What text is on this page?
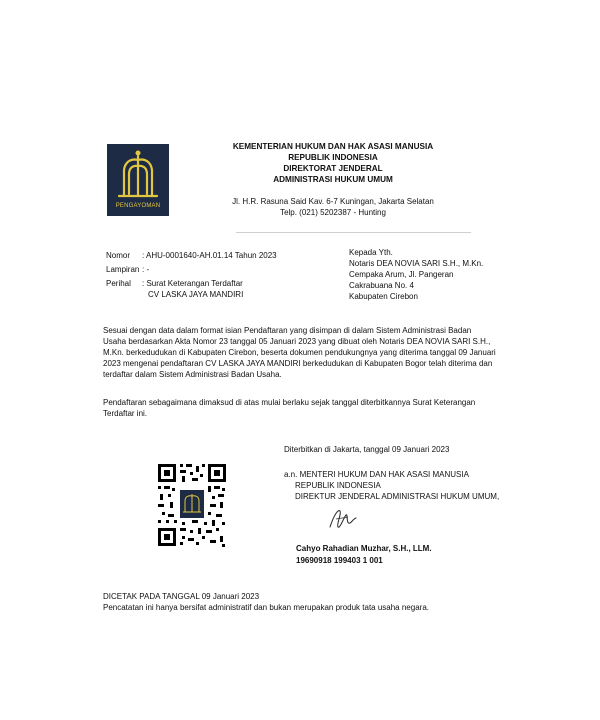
PENGAYOMAN
KEMENTERIAN HUKUM DAN HAK ASASI MANUSIA
REPUBLIK INDONESIA
DIREKTORAT JENDERAL
ADMINISTRASI HUKUM UMUM
Jl. H.R. Rasuna Said Kav. 6-7 Kuningan, Jakarta Selatan
Telp. (021) 5202387 - Hunting
Nomor : AHU-0001640-AH.01.14 Tahun 2023
Lampiran : -
Perihal : Surat Keterangan Terdaftar
CV LASKA JAYA MANDIRI
Kepada Yth.
Notaris DEA NOVIA SARI S.H., M.Kn.
Cempaka Arum, Jl. Pangeran
Cakrabuana No. 4
Kabupaten Cirebon
Sesuai dengan data dalam format isian Pendaftaran yang disimpan di dalam Sistem Administrasi Badan
Usaha berdasarkan Akta Nomor 23 tanggal 05 Januari 2023 yang dibuat oleh Notaris DEA NOVIA SARI S.H.,
M.Kn. berkedudukan di Kabupaten Cirebon, beserta dokumen pendukungnya yang diterima tanggal 09 Januari
2023 mengenai pendaftaran CV LASKA JAYA MANDIRI berkedudukan di Kabupaten Bogor telah diterima dan
terdaftar dalam Sistem Administrasi Badan Usaha.
Pendaftaran sebagaimana dimaksud di atas mulai berlaku sejak tanggal diterbitkannya Surat Keterangan
Terdaftar ini.
Diterbitkan di Jakarta, tanggal 09 Januari 2023
a.n. MENTERI HUKUM DAN HAK ASASI MANUSIA
REPUBLIK INDONESIA
DIREKTUR JENDERAL ADMINISTRASI HUKUM UMUM,
Cahyo Rahadian Muzhar, S.H., LLM.
19690918 199403 1 001
DICETAK PADA TANGGAL 09 Januari 2023
Pencatatan ini hanya bersifat administratif dan bukan merupakan produk tata usaha negara.
